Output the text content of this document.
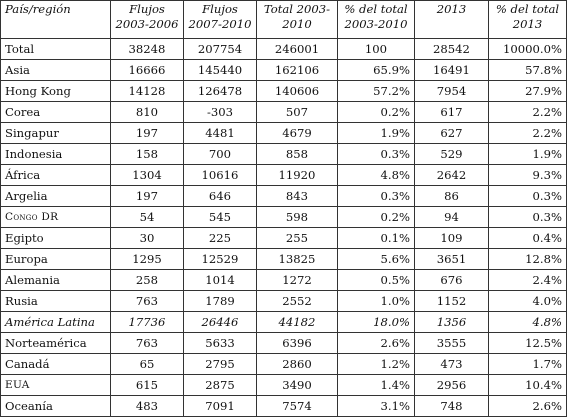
País/región	Flujos 2003-2006	Flujos 2007-2010	Total 2003-2010	% del total 2003-2010	2013	% del total 2013
Total	38248	207754	246001	100	28542	10000.0%
Asia	16666	145440	162106	65.9%	16491	57.8%
Hong Kong	14128	126478	140606	57.2%	7954	27.9%
Corea	810	-303	507	0.2%	617	2.2%
Singapur	197	4481	4679	1.9%	627	2.2%
Indonesia	158	700	858	0.3%	529	1.9%
África	1304	10616	11920	4.8%	2642	9.3%
Argelia	197	646	843	0.3%	86	0.3%
Congo DR	54	545	598	0.2%	94	0.3%
Egipto	30	225	255	0.1%	109	0.4%
Europa	1295	12529	13825	5.6%	3651	12.8%
Alemania	258	1014	1272	0.5%	676	2.4%
Rusia	763	1789	2552	1.0%	1152	4.0%
América Latina	17736	26446	44182	18.0%	1356	4.8%
Norteamérica	763	5633	6396	2.6%	3555	12.5%
Canadá	65	2795	2860	1.2%	473	1.7%
EUA	615	2875	3490	1.4%	2956	10.4%
Oceanía	483	7091	7574	3.1%	748	2.6%
